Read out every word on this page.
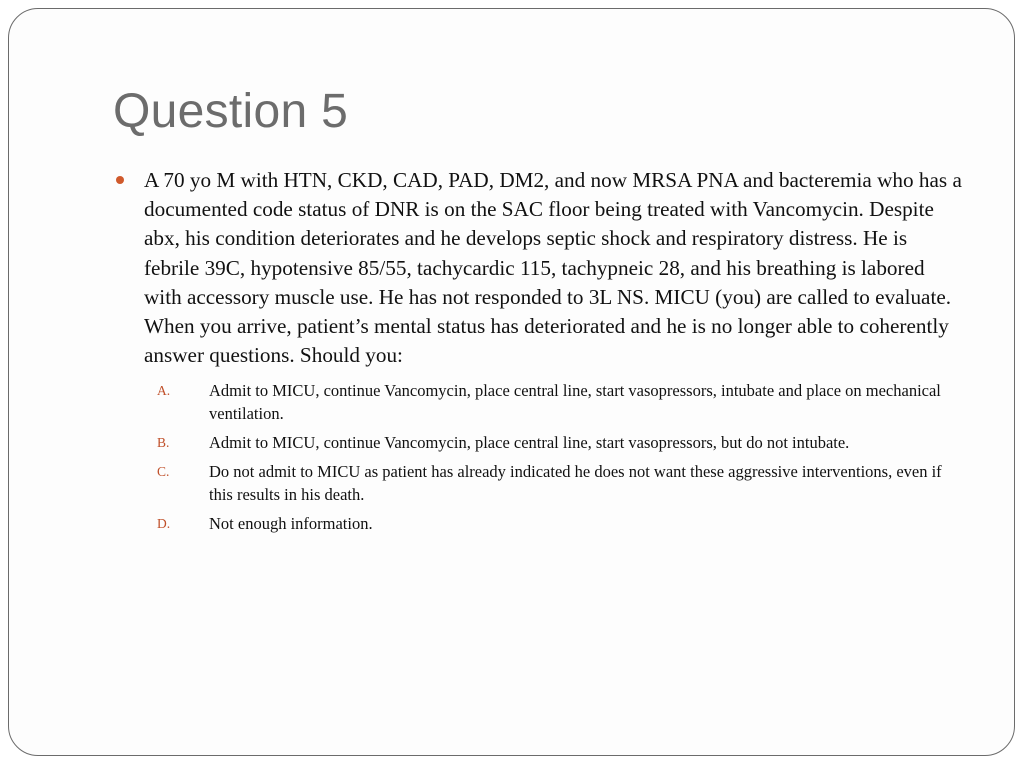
Question 5

A 70 yo M with HTN, CKD, CAD, PAD, DM2, and now MRSA PNA and bacteremia who has a documented code status of DNR is on the SAC floor being treated with Vancomycin. Despite abx, his condition deteriorates and he develops septic shock and respiratory distress. He is febrile 39C, hypotensive 85/55, tachycardic 115, tachypneic 28, and his breathing is labored with accessory muscle use. He has not responded to 3L NS. MICU (you) are called to evaluate. When you arrive, patient’s mental status has deteriorated and he is no longer able to coherently answer questions. Should you:

A. Admit to MICU, continue Vancomycin, place central line, start vasopressors, intubate and place on mechanical ventilation.
B. Admit to MICU, continue Vancomycin, place central line, start vasopressors, but do not intubate.
C. Do not admit to MICU as patient has already indicated he does not want these aggressive interventions, even if this results in his death.
D. Not enough information.
